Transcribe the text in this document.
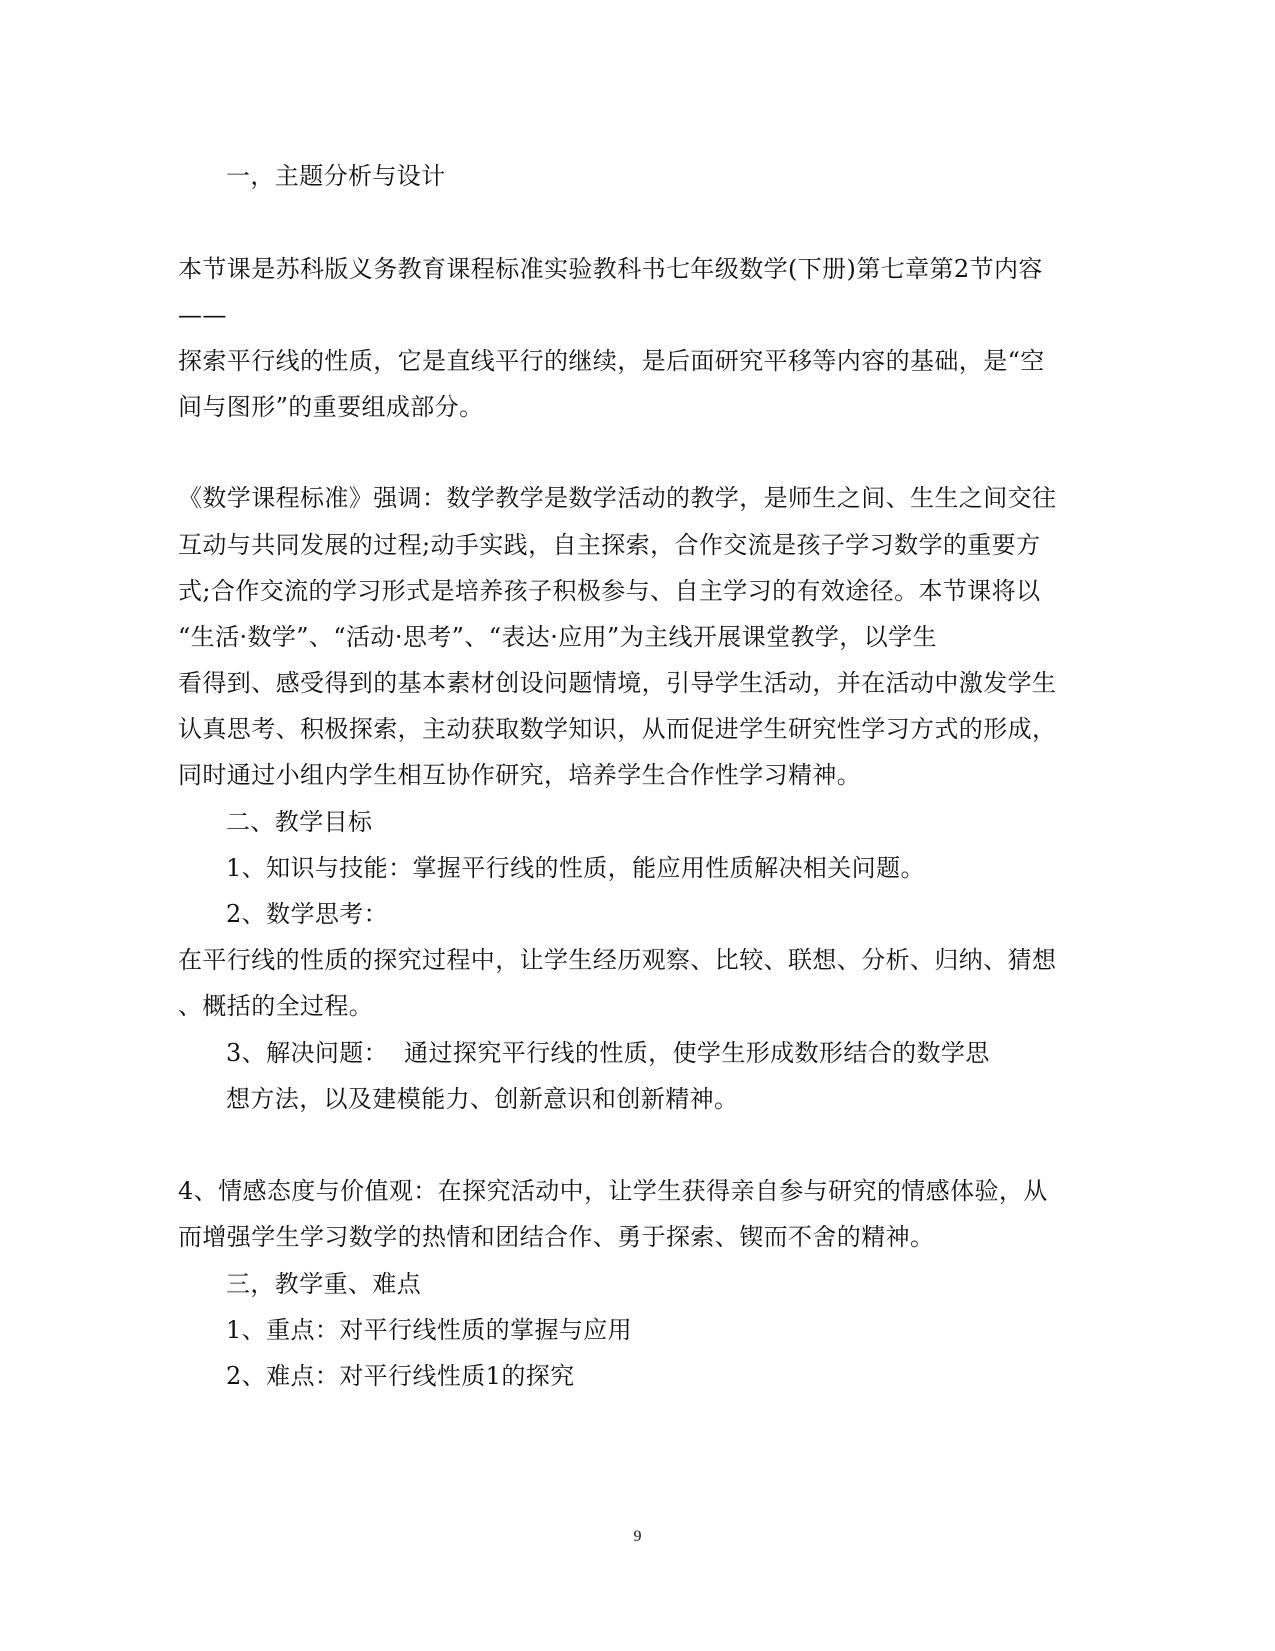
一，主题分析与设计

本节课是苏科版义务教育课程标准实验教科书七年级数学(下册)第七章第2节内容

——

探索平行线的性质，它是直线平行的继续，是后面研究平移等内容的基础，是“空

间与图形”的重要组成部分。

《数学课程标准》强调：数学教学是数学活动的教学，是师生之间、生生之间交往

互动与共同发展的过程;动手实践，自主探索，合作交流是孩子学习数学的重要方

式;合作交流的学习形式是培养孩子积极参与、自主学习的有效途径。本节课将以

“生活·数学”、“活动·思考”、“表达·应用”为主线开展课堂教学，以学生

看得到、感受得到的基本素材创设问题情境，引导学生活动，并在活动中激发学生

认真思考、积极探索，主动获取数学知识，从而促进学生研究性学习方式的形成，

同时通过小组内学生相互协作研究，培养学生合作性学习精神。

二、教学目标

1、知识与技能：掌握平行线的性质，能应用性质解决相关问题。

2、数学思考：

在平行线的性质的探究过程中，让学生经历观察、比较、联想、分析、归纳、猜想

、概括的全过程。

3、解决问题：  通过探究平行线的性质，使学生形成数形结合的数学思

想方法，以及建模能力、创新意识和创新精神。

4、情感态度与价值观：在探究活动中，让学生获得亲自参与研究的情感体验，从

而增强学生学习数学的热情和团结合作、勇于探索、锲而不舍的精神。

三，教学重、难点

1、重点：对平行线性质的掌握与应用

2、难点：对平行线性质1的探究

9
